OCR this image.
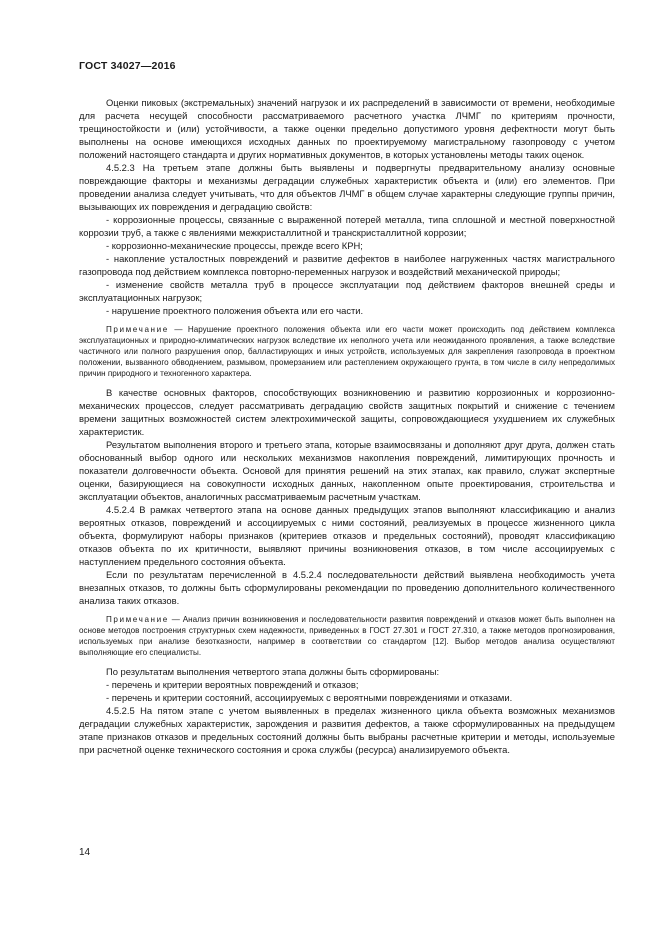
ГОСТ 34027—2016

Оценки пиковых (экстремальных) значений нагрузок и их распределений в зависимости от времени, необходимые для расчета несущей способности рассматриваемого расчетного участка ЛЧМГ по критериям прочности, трещиностойкости и (или) устойчивости, а также оценки предельно допустимого уровня дефектности могут быть выполнены на основе имеющихся исходных данных по проектируемому магистральному газопроводу с учетом положений настоящего стандарта и других нормативных документов, в которых установлены методы таких оценок.

4.5.2.3 На третьем этапе должны быть выявлены и подвергнуты предварительному анализу основные повреждающие факторы и механизмы деградации служебных характеристик объекта и (или) его элементов. При проведении анализа следует учитывать, что для объектов ЛЧМГ в общем случае характерны следующие группы причин, вызывающих их повреждения и деградацию свойств:

- коррозионные процессы, связанные с выраженной потерей металла, типа сплошной и местной поверхностной коррозии труб, а также с явлениями межкристаллитной и транскристаллитной коррозии;

- коррозионно-механические процессы, прежде всего КРН;

- накопление усталостных повреждений и развитие дефектов в наиболее нагруженных частях магистрального газопровода под действием комплекса повторно-переменных нагрузок и воздействий механической природы;

- изменение свойств металла труб в процессе эксплуатации под действием факторов внешней среды и эксплуатационных нагрузок;

- нарушение проектного положения объекта или его части.

Примечание — Нарушение проектного положения объекта или его части может происходить под действием комплекса эксплуатационных и природно-климатических нагрузок вследствие их неполного учета или неожиданного проявления, а также вследствие частичного или полного разрушения опор, балластирующих и иных устройств, используемых для закрепления газопровода в проектном положении, вызванного обводнением, размывом, промерзанием или растеплением окружающего грунта, в том числе в силу непредолимых причин природного и техногенного характера.

В качестве основных факторов, способствующих возникновению и развитию коррозионных и коррозионно-механических процессов, следует рассматривать деградацию свойств защитных покрытий и снижение с течением времени защитных возможностей систем электрохимической защиты, сопровождающиеся ухудшением их служебных характеристик.

Результатом выполнения второго и третьего этапа, которые взаимосвязаны и дополняют друг друга, должен стать обоснованный выбор одного или нескольких механизмов накопления повреждений, лимитирующих прочность и показатели долговечности объекта. Основой для принятия решений на этих этапах, как правило, служат экспертные оценки, базирующиеся на совокупности исходных данных, накопленном опыте проектирования, строительства и эксплуатации объектов, аналогичных рассматриваемым расчетным участкам.

4.5.2.4 В рамках четвертого этапа на основе данных предыдущих этапов выполняют классификацию и анализ вероятных отказов, повреждений и ассоциируемых с ними состояний, реализуемых в процессе жизненного цикла объекта, формулируют наборы признаков (критериев отказов и предельных состояний), проводят классификацию отказов объекта по их критичности, выявляют причины возникновения отказов, в том числе ассоциируемых с наступлением предельного состояния объекта.

Если по результатам перечисленной в 4.5.2.4 последовательности действий выявлена необходимость учета внезапных отказов, то должны быть сформулированы рекомендации по проведению дополнительного количественного анализа таких отказов.

Примечание — Анализ причин возникновения и последовательности развития повреждений и отказов может быть выполнен на основе методов построения структурных схем надежности, приведенных в ГОСТ 27.301 и ГОСТ 27.310, а также методов прогнозирования, используемых при анализе безотказности, например в соответствии со стандартом [12]. Выбор методов анализа осуществляют выполняющие его специалисты.

По результатам выполнения четвертого этапа должны быть сформированы:

- перечень и критерии вероятных повреждений и отказов;

- перечень и критерии состояний, ассоциируемых с вероятными повреждениями и отказами.

4.5.2.5 На пятом этапе с учетом выявленных в пределах жизненного цикла объекта возможных механизмов деградации служебных характеристик, зарождения и развития дефектов, а также сформулированных на предыдущем этапе признаков отказов и предельных состояний должны быть выбраны расчетные критерии и методы, используемые при расчетной оценке технического состояния и срока службы (ресурса) анализируемого объекта.

14
